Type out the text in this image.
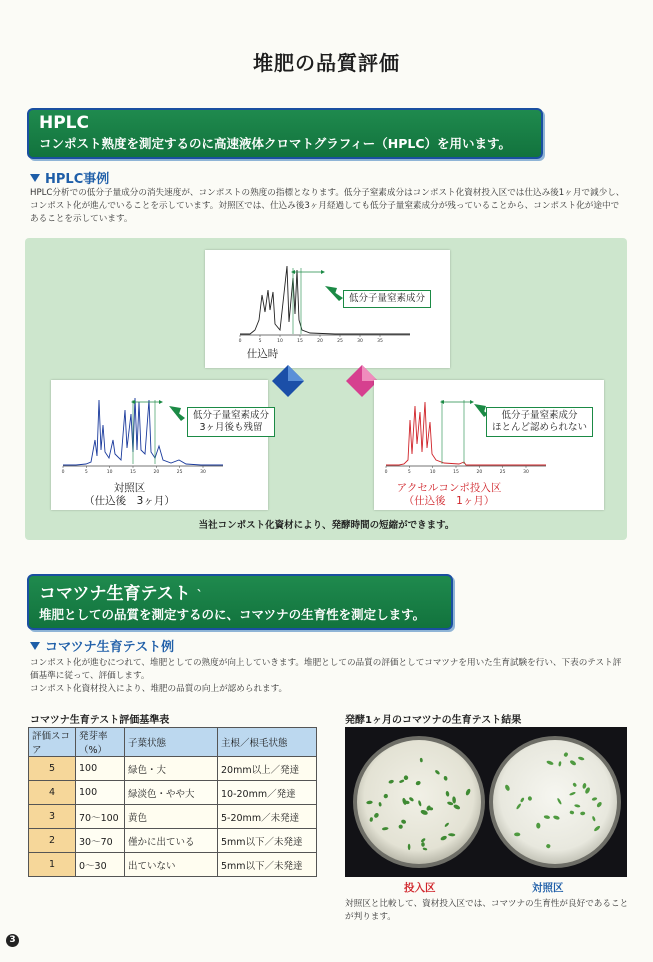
堆肥の品質評価
HPLC
コンポスト熟度を測定するのに高速液体クロマトグラフィー（HPLC）を用います。
HPLC事例
HPLC分析での低分子量成分の消失速度が、コンポストの熟度の指標となります。低分子窒素成分はコンポスト化資材投入区では仕込み後1ヶ月で減少し、コンポスト化が進んでいることを示しています。対照区では、仕込み後3ヶ月経過しても低分子量窒素成分が残っていることから、コンポスト化が途中であることを示しています。
0	5	10	15	20	25	30	35
低分子量窒素成分
仕込時
0	5	10	15	20	25	30
低分子量窒素成分
3ヶ月後も残留
対照区
（仕込後　3ヶ月）
0	5	10	15	20	25	30
低分子量窒素成分
ほとんど認められない
アクセルコンポ投入区
（仕込後　1ヶ月）
当社コンポスト化資材により、発酵時間の短縮ができます。
コマツナ生育テスト `
堆肥としての品質を測定するのに、コマツナの生育性を測定します。
コマツナ生育テスト例
コンポスト化が進むにつれて、堆肥としての熟度が向上していきます。堆肥としての品質の評価としてコマツナを用いた生育試験を行い、下表のテスト評価基準に従って、評価します。
コンポスト化資材投入により、堆肥の品質の向上が認められます。
コマツナ生育テスト評価基準表
評価スコア	発芽率（%）	子葉状態	主根／根毛状態
5	100	緑色・大	20mm以上／発達
4	100	緑淡色・やや大	10-20mm／発達
3	70〜100	黄色	5-20mm／未発達
2	30〜70	僅かに出ている	5mm以下／未発達
1	0〜30	出ていない	5mm以下／未発達
発酵1ヶ月のコマツナの生育テスト結果
投入区	対照区
対照区と比較して、資材投入区では、コマツナの生育性が良好であることが判ります。
3
